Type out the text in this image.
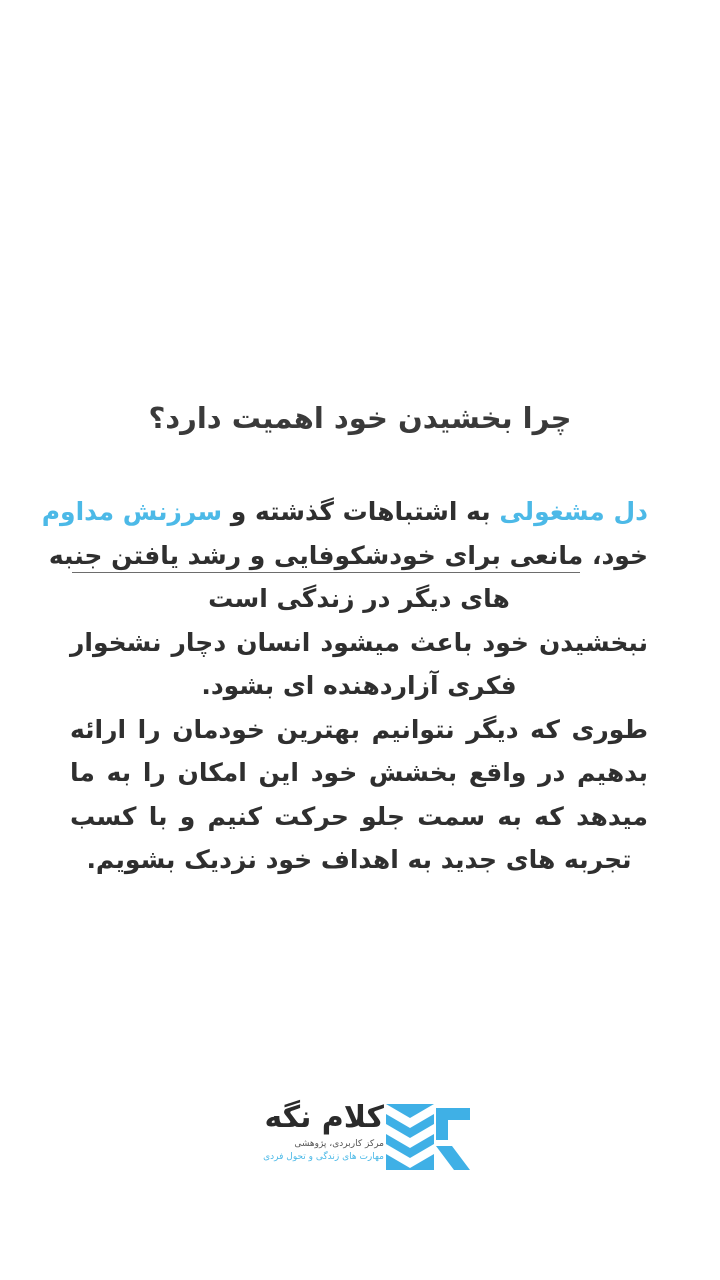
چرا بخشیدن خود اهمیت دارد؟
دل مشغولی به اشتباهات گذشته و سرزنش مداوم
خود، مانعی برای خودشکوفایی و رشد یافتن جنبه
های دیگر در زندگی است
نبخشیدن خود باعث میشود انسان دچار نشخوار
فکری آزاردهنده ای بشود.
طوری که دیگر نتوانیم بهترین خودمان را ارائه
بدهیم در واقع بخشش خود این امکان را به ما
میدهد که به سمت جلو حرکت کنیم و با کسب
تجربه های جدید به اهداف خود نزدیک بشویم.
کلام نگه
مرکز کاربردی، پژوهشی
مهارت های زندگی و تحول فردی
